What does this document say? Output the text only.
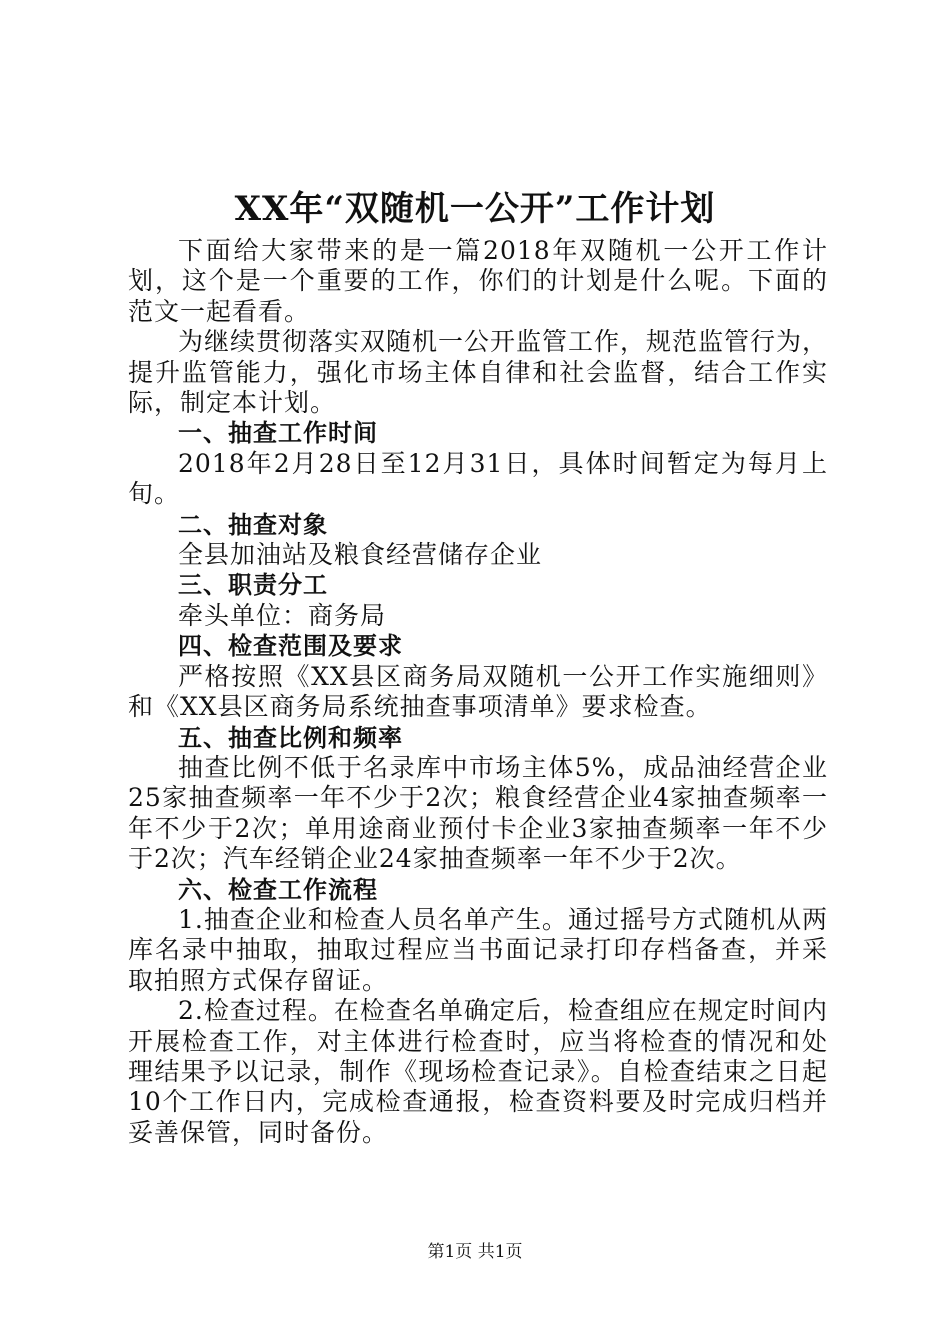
XX年“双随机一公开”工作计划

下面给大家带来的是一篇2018年双随机一公开工作计划，这个是一个重要的工作，你们的计划是什么呢。下面的范文一起看看。

为继续贯彻落实双随机一公开监管工作，规范监管行为，提升监管能力，强化市场主体自律和社会监督，结合工作实际，制定本计划。

一、抽查工作时间

2018年2月28日至12月31日，具体时间暂定为每月上旬。

二、抽查对象

全县加油站及粮食经营储存企业

三、职责分工

牵头单位：商务局

四、检查范围及要求

严格按照《XX县区商务局双随机一公开工作实施细则》和《XX县区商务局系统抽查事项清单》要求检查。

五、抽查比例和频率

抽查比例不低于名录库中市场主体5%，成品油经营企业25家抽查频率一年不少于2次；粮食经营企业4家抽查频率一年不少于2次；单用途商业预付卡企业3家抽查频率一年不少于2次；汽车经销企业24家抽查频率一年不少于2次。

六、检查工作流程

1.抽查企业和检查人员名单产生。通过摇号方式随机从两库名录中抽取，抽取过程应当书面记录打印存档备查，并采取拍照方式保存留证。

2.检查过程。在检查名单确定后，检查组应在规定时间内开展检查工作，对主体进行检查时，应当将检查的情况和处理结果予以记录，制作《现场检查记录》。自检查结束之日起10个工作日内，完成检查通报，检查资料要及时完成归档并妥善保管，同时备份。

第1页 共1页
